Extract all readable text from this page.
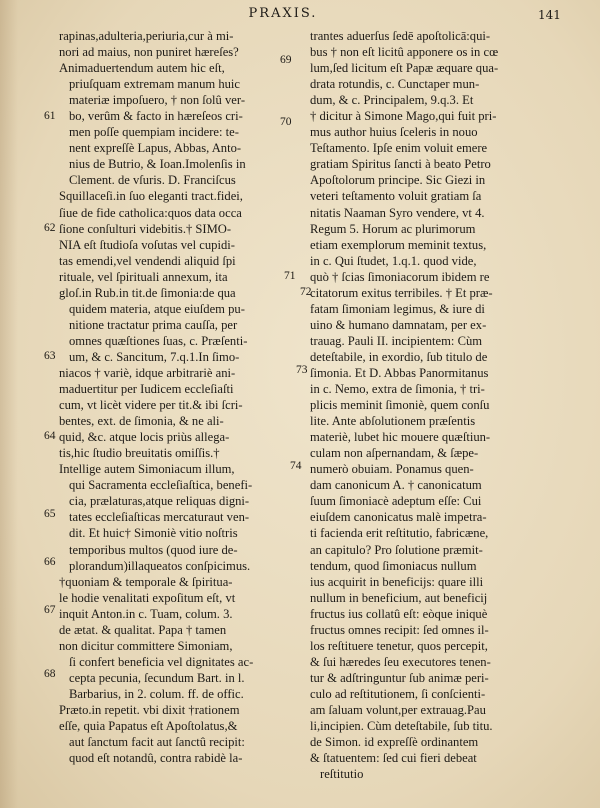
PRAXIS.	141
61
62
63
64
65
66
67
68
69
70
71
72
73
74
rapinas,adulteria,periuria,cur à mi-
nori ad maius, non puniret hæreſes?
Animaduertendum autem hic eſt,
priuſquam extremam manum huic
materiæ impoſuero, † non ſolû ver-
bo, verûm & facto in hæreſeos cri-
men poſſe quempiam incidere: te-
nent expreſſè Lapus, Abbas, Anto-
nius de Butrio, & Ioan.Imolenſis in
Clement. de vſuris. D. Franciſcus
Squillaceſi.in ſuo eleganti tract.fidei,
ſiue de fide catholica:quos data occa
ſione conſulturi videbitis.† SIMO-
NIA eſt ſtudioſa voſutas vel cupidi-
tas emendi,vel vendendi aliquid ſpi
rituale, vel ſpirituali annexum, ita
gloſ.in Rub.in tit.de ſimonia:de qua
quidem materia, atque eiuſdem pu-
nitione tractatur prima cauſſa, per
omnes quæſtiones ſuas, c. Præſenti-
um, & c. Sancitum, 7.q.1.In ſimo-
niacos † variè, idque arbitrariè ani-
maduertitur per Iudicem eccleſiaſti
cum, vt licèt videre per tit.& ibi ſcri-
bentes, ext. de ſimonia, & ne ali-
quid, &c. atque locis priùs allega-
tis,hic ſtudio breuitatis omiſſis.†
Intellige autem Simoniacum illum,
qui Sacramenta eccleſiaſtica, benefi-
cia, prælaturas,atque reliquas digni-
tates eccleſiaſticas mercaturaut ven-
dit. Et huic† Simoniè vitio noſtris
temporibus multos (quod iure de-
plorandum)illaqueatos conſpicimus.
†quoniam & temporale & ſpiritua-
le hodie venalitati expoſitum eſt, vt
inquit Anton.in c. Tuam, colum. 3.
de ætat. & qualitat. Papa † tamen
non dicitur committere Simoniam,
ſi confert beneficia vel dignitates ac-
cepta pecunia, ſecundum Bart. in l.
Barbarius, in 2. colum. ff. de offic.
Præto.in repetit. vbi dixit †rationem
eſſe, quia Papatus eſt Apoſtolatus,&
aut ſanctum facit aut ſanctû recipit:
quod eſt notandû, contra rabidè la-
trantes aduerſus ſedē apoſtolicā:qui-
bus † non eſt licitû apponere os in cœ
lum,ſed licitum eſt Papæ æquare qua-
drata rotundis, c. Cunctaper mun-
dum, & c. Principalem, 9.q.3. Et
† dicitur à Simone Mago,qui fuit pri-
mus author huius ſceleris in nouo
Teſtamento. Ipſe enim voluit emere
gratiam Spiritus ſancti à beato Petro
Apoſtolorum principe. Sic Giezi in
veteri teſtamento voluit gratiam ſa
nitatis Naaman Syro vendere, vt 4.
Regum 5. Horum ac plurimorum
etiam exemplorum meminit textus,
in c. Qui ſtudet, 1.q.1. quod vide,
quò † ſcias ſimoniacorum ibidem re
citatorum exitus terribiles. † Et præ-
fatam ſimoniam legimus, & iure di
uino & humano damnatam, per ex-
trauag. Pauli II. incipientem: Cùm
deteſtabile, in exordio, ſub titulo de
ſimonia. Et D. Abbas Panormitanus
in c. Nemo, extra de ſimonia, † tri-
plicis meminit ſimoniè, quem conſu
lite. Ante abſolutionem præſentis
materiè, lubet hic mouere quæſtiun-
culam non aſpernandam, & ſæpe-
numerò obuiam. Ponamus quen-
dam canonicum A. † canonicatum
ſuum ſimoniacè adeptum eſſe: Cui
eiuſdem canonicatus malè impetra-
ti facienda erit reſtitutio, fabricæne,
an capitulo? Pro ſolutione præmit-
tendum, quod ſimoniacus nullum
ius acquirit in beneficijs: quare illi
nullum in beneficium, aut beneficij
fructus ius collatû eſt: eòque iniquè
fructus omnes recipit: ſed omnes il-
los reſtituere tenetur, quos percepit,
& ſui hæredes ſeu executores tenen-
tur & adſtringuntur ſub animæ peri-
culo ad reſtitutionem, ſi conſcienti-
am ſaluam volunt,per extrauag.Pau
li,incipien. Cùm deteſtabile, ſub titu.
de Simon. id expreſſè ordinantem
& ſtatuentem: ſed cui fieri debeat
reſtitutio
